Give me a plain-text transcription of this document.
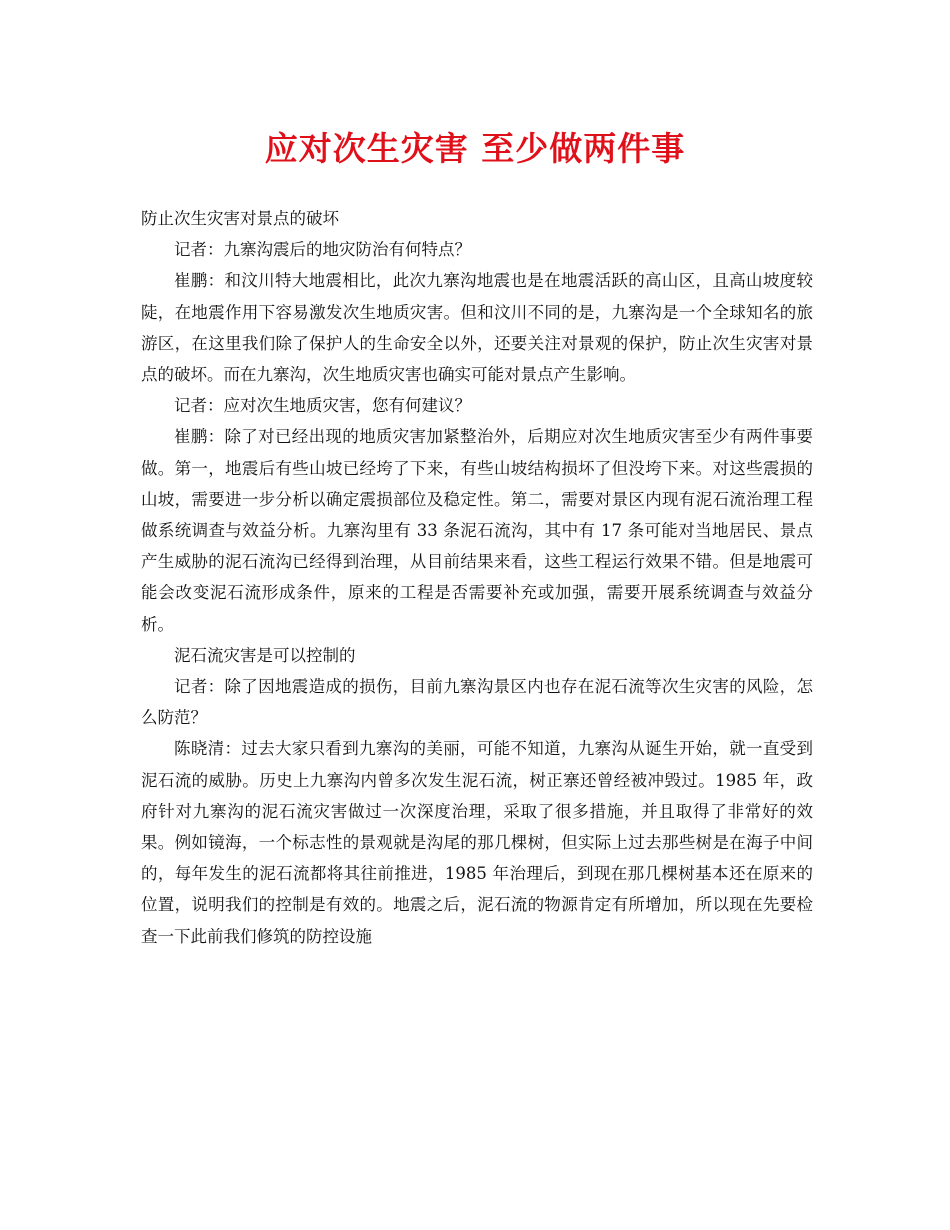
应对次生灾害 至少做两件事

防止次生灾害对景点的破坏

记者：九寨沟震后的地灾防治有何特点？

崔鹏：和汶川特大地震相比，此次九寨沟地震也是在地震活跃的高山区，且高山坡度较陡，在地震作用下容易激发次生地质灾害。但和汶川不同的是，九寨沟是一个全球知名的旅游区，在这里我们除了保护人的生命安全以外，还要关注对景观的保护，防止次生灾害对景点的破坏。而在九寨沟，次生地质灾害也确实可能对景点产生影响。

记者：应对次生地质灾害，您有何建议？

崔鹏：除了对已经出现的地质灾害加紧整治外，后期应对次生地质灾害至少有两件事要做。第一，地震后有些山坡已经垮了下来，有些山坡结构损坏了但没垮下来。对这些震损的山坡，需要进一步分析以确定震损部位及稳定性。第二，需要对景区内现有泥石流治理工程做系统调查与效益分析。九寨沟里有 33 条泥石流沟，其中有 17 条可能对当地居民、景点产生威胁的泥石流沟已经得到治理，从目前结果来看，这些工程运行效果不错。但是地震可能会改变泥石流形成条件，原来的工程是否需要补充或加强，需要开展系统调查与效益分析。

泥石流灾害是可以控制的

记者：除了因地震造成的损伤，目前九寨沟景区内也存在泥石流等次生灾害的风险，怎么防范？

陈晓清：过去大家只看到九寨沟的美丽，可能不知道，九寨沟从诞生开始，就一直受到泥石流的威胁。历史上九寨沟内曾多次发生泥石流，树正寨还曾经被冲毁过。1985 年，政府针对九寨沟的泥石流灾害做过一次深度治理，采取了很多措施，并且取得了非常好的效果。例如镜海，一个标志性的景观就是沟尾的那几棵树，但实际上过去那些树是在海子中间的，每年发生的泥石流都将其往前推进，1985 年治理后，到现在那几棵树基本还在原来的位置，说明我们的控制是有效的。地震之后，泥石流的物源肯定有所增加，所以现在先要检查一下此前我们修筑的防控设施
